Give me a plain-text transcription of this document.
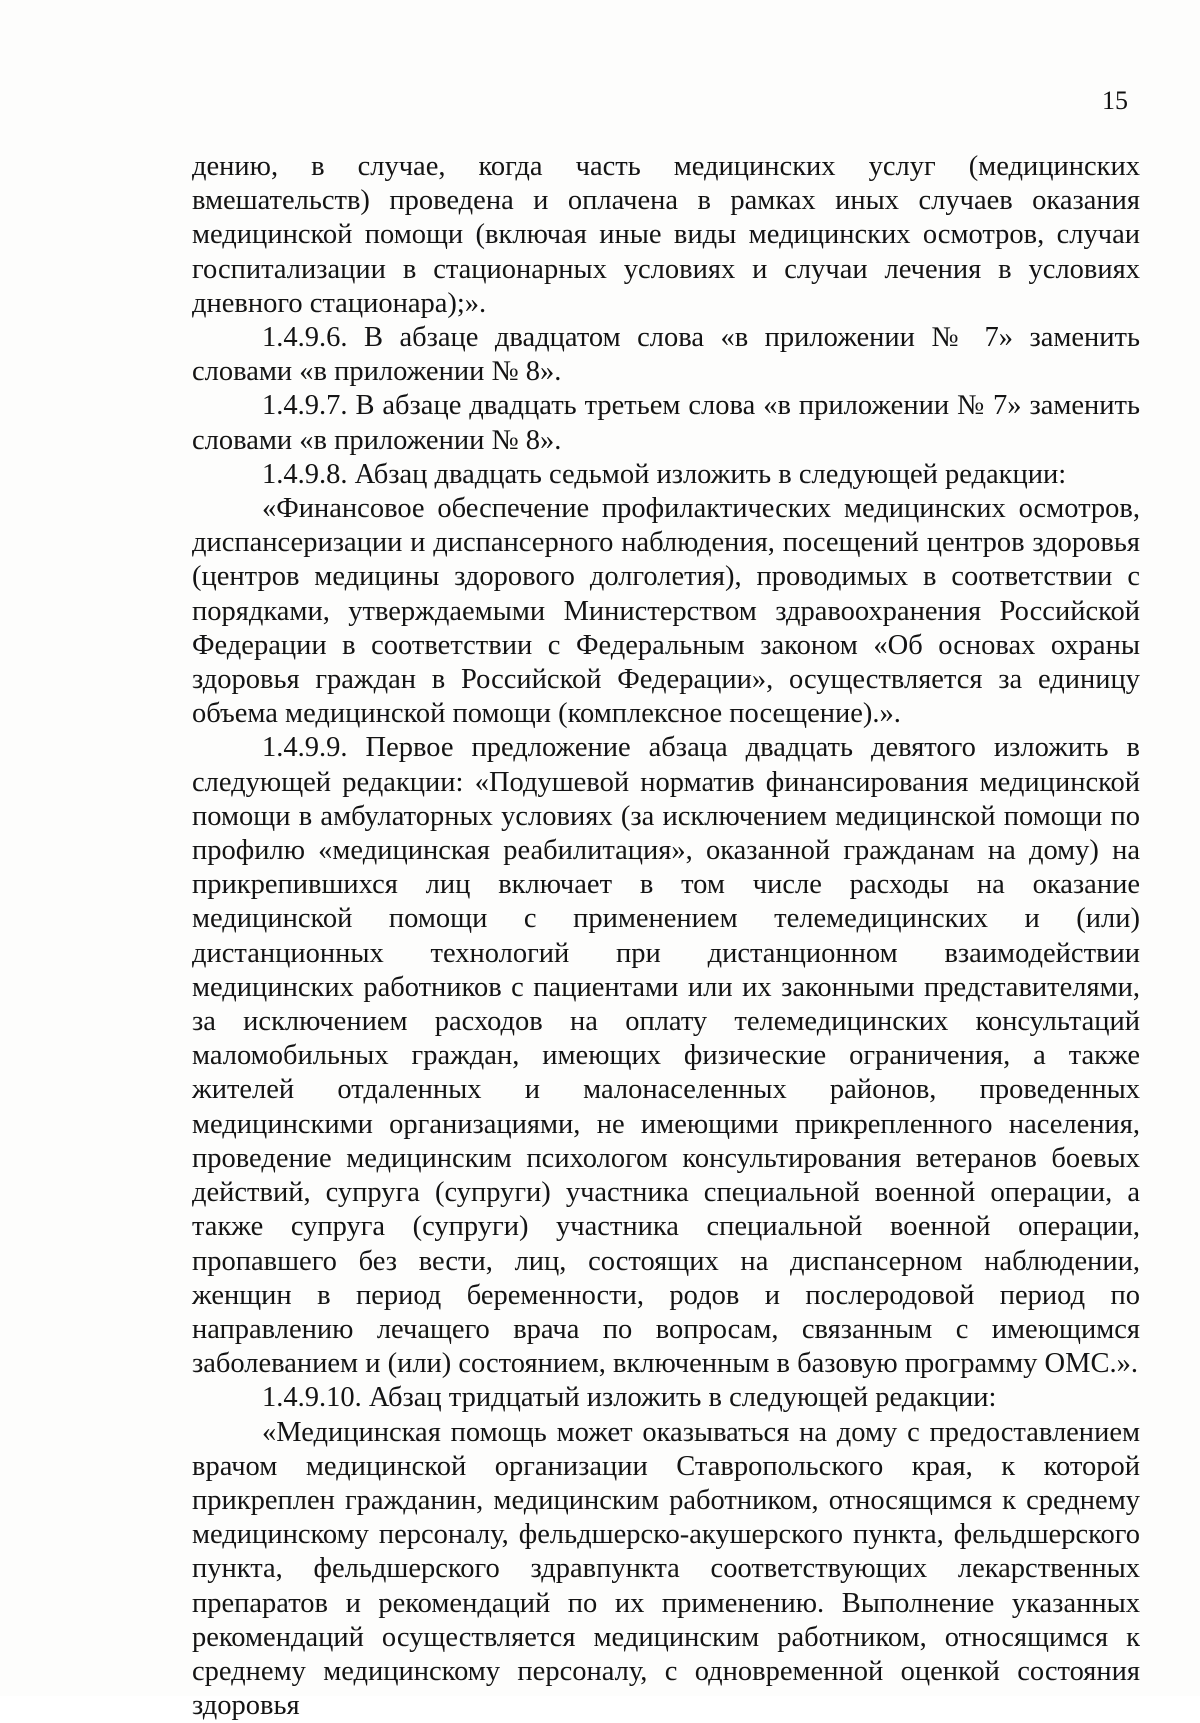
15

дению, в случае, когда часть медицинских услуг (медицинских вмешательств) проведена и оплачена в рамках иных случаев оказания медицинской помощи (включая иные виды медицинских осмотров, случаи госпитализации в стационарных условиях и случаи лечения в условиях дневного стационара);».

1.4.9.6. В абзаце двадцатом слова «в приложении № 7» заменить словами «в приложении № 8».

1.4.9.7. В абзаце двадцать третьем слова «в приложении № 7» заменить словами «в приложении № 8».

1.4.9.8. Абзац двадцать седьмой изложить в следующей редакции:

«Финансовое обеспечение профилактических медицинских осмотров, диспансеризации и диспансерного наблюдения, посещений центров здоровья (центров медицины здорового долголетия), проводимых в соответствии с порядками, утверждаемыми Министерством здравоохранения Российской Федерации в соответствии с Федеральным законом «Об основах охраны здоровья граждан в Российской Федерации», осуществляется за единицу объема медицинской помощи (комплексное посещение).».

1.4.9.9. Первое предложение абзаца двадцать девятого изложить в следующей редакции: «Подушевой норматив финансирования медицинской помощи в амбулаторных условиях (за исключением медицинской помощи по профилю «медицинская реабилитация», оказанной гражданам на дому) на прикрепившихся лиц включает в том числе расходы на оказание медицинской помощи с применением телемедицинских и (или) дистанционных технологий при дистанционном взаимодействии медицинских работников с пациентами или их законными представителями, за исключением расходов на оплату телемедицинских консультаций маломобильных граждан, имеющих физические ограничения, а также жителей отдаленных и малонаселенных районов, проведенных медицинскими организациями, не имеющими прикрепленного населения, проведение медицинским психологом консультирования ветеранов боевых действий, супруга (супруги) участника специальной военной операции, а также супруга (супруги) участника специальной военной операции, пропавшего без вести, лиц, состоящих на диспансерном наблюдении, женщин в период беременности, родов и послеродовой период по направлению лечащего врача по вопросам, связанным с имеющимся заболеванием и (или) состоянием, включенным в базовую программу ОМС.».

1.4.9.10. Абзац тридцатый изложить в следующей редакции:

«Медицинская помощь может оказываться на дому с предоставлением врачом медицинской организации Ставропольского края, к которой прикреплен гражданин, медицинским работником, относящимся к среднему медицинскому персоналу, фельдшерско-акушерского пункта, фельдшерского пункта, фельдшерского здравпункта соответствующих лекарственных препаратов и рекомендаций по их применению. Выполнение указанных рекомендаций осуществляется медицинским работником, относящимся к среднему медицинскому персоналу, с одновременной оценкой состояния здоровья
